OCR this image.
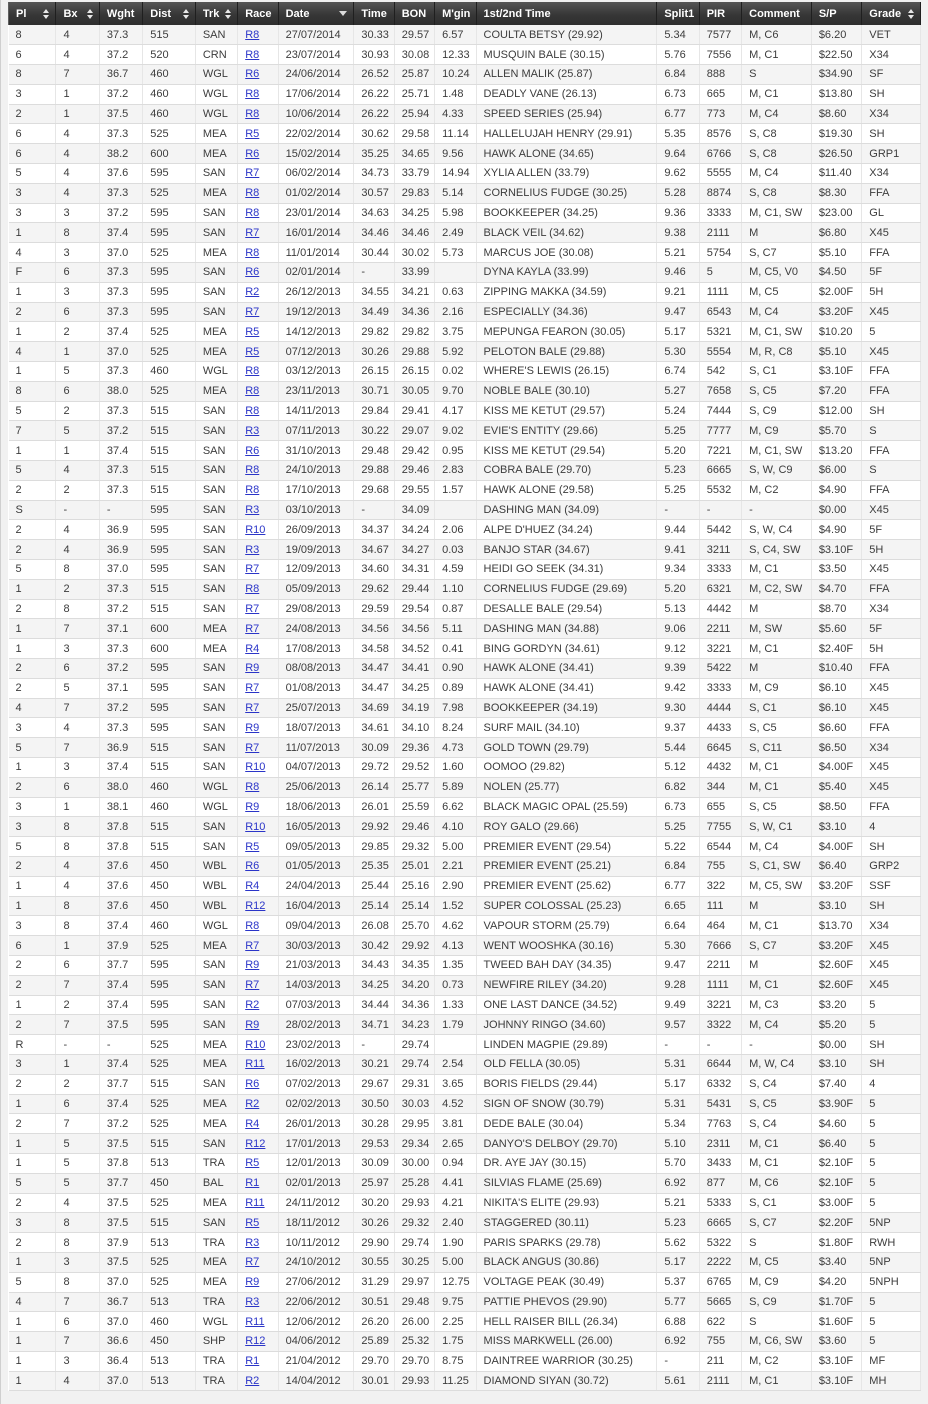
Pl	Bx	Wght	Dist	Trk	Race	Date	Time	BON	M'gin	1st/2nd Time	Split1	PIR	Comment	S/P	Grade

8	4	37.3	515	SAN	R8	27/07/2014	30.33	29.57	6.57	COULTA BETSY (29.92)	5.34	7577	M, C6	$6.20	VET
6	4	37.2	520	CRN	R8	23/07/2014	30.93	30.08	12.33	MUSQUIN BALE (30.15)	5.76	7556	M, C1	$22.50	X34
8	7	36.7	460	WGL	R6	24/06/2014	26.52	25.87	10.24	ALLEN MALIK (25.87)	6.84	888	S	$34.90	SF
3	1	37.2	460	WGL	R8	17/06/2014	26.22	25.71	1.48	DEADLY VANE (26.13)	6.73	665	M, C1	$13.80	SH
2	1	37.5	460	WGL	R8	10/06/2014	26.22	25.94	4.33	SPEED SERIES (25.94)	6.77	773	M, C4	$8.60	X34
6	4	37.3	525	MEA	R5	22/02/2014	30.62	29.58	11.14	HALLELUJAH HENRY (29.91)	5.35	8576	S, C8	$19.30	SH
6	4	38.2	600	MEA	R6	15/02/2014	35.25	34.65	9.56	HAWK ALONE (34.65)	9.64	6766	S, C8	$26.50	GRP1
5	4	37.6	595	SAN	R7	06/02/2014	34.73	33.79	14.94	XYLIA ALLEN (33.79)	9.62	5555	M, C4	$11.40	X34
3	4	37.3	525	MEA	R8	01/02/2014	30.57	29.83	5.14	CORNELIUS FUDGE (30.25)	5.28	8874	S, C8	$8.30	FFA
3	3	37.2	595	SAN	R8	23/01/2014	34.63	34.25	5.98	BOOKKEEPER (34.25)	9.36	3333	M, C1, SW	$23.00	GL
1	8	37.4	595	SAN	R7	16/01/2014	34.46	34.46	2.49	BLACK VEIL (34.62)	9.38	2111	M	$6.80	X45
4	3	37.0	525	MEA	R8	11/01/2014	30.44	30.02	5.73	MARCUS JOE (30.08)	5.21	5754	S, C7	$5.10	FFA
F	6	37.3	595	SAN	R6	02/01/2014	-	33.99		DYNA KAYLA (33.99)	9.46	5	M, C5, V0	$4.50	5F
1	3	37.3	595	SAN	R2	26/12/2013	34.55	34.21	0.63	ZIPPING MAKKA (34.59)	9.21	1111	M, C5	$2.00F	5H
2	6	37.3	595	SAN	R7	19/12/2013	34.49	34.36	2.16	ESPECIALLY (34.36)	9.47	6543	M, C4	$3.20F	X45
1	2	37.4	525	MEA	R5	14/12/2013	29.82	29.82	3.75	MEPUNGA FEARON (30.05)	5.17	5321	M, C1, SW	$10.20	5
4	1	37.0	525	MEA	R5	07/12/2013	30.26	29.88	5.92	PELOTON BALE (29.88)	5.30	5554	M, R, C8	$5.10	X45
1	5	37.3	460	WGL	R8	03/12/2013	26.15	26.15	0.02	WHERE'S LEWIS (26.15)	6.74	542	S, C1	$3.10F	FFA
8	6	38.0	525	MEA	R8	23/11/2013	30.71	30.05	9.70	NOBLE BALE (30.10)	5.27	7658	S, C5	$7.20	FFA
5	2	37.3	515	SAN	R8	14/11/2013	29.84	29.41	4.17	KISS ME KETUT (29.57)	5.24	7444	S, C9	$12.00	SH
7	5	37.2	515	SAN	R3	07/11/2013	30.22	29.07	9.02	EVIE'S ENTITY (29.66)	5.25	7777	M, C9	$5.70	S
1	1	37.4	515	SAN	R6	31/10/2013	29.48	29.42	0.95	KISS ME KETUT (29.54)	5.20	7221	M, C1, SW	$13.20	FFA
5	4	37.3	515	SAN	R8	24/10/2013	29.88	29.46	2.83	COBRA BALE (29.70)	5.23	6665	S, W, C9	$6.00	S
2	2	37.3	515	SAN	R8	17/10/2013	29.68	29.55	1.57	HAWK ALONE (29.58)	5.25	5532	M, C2	$4.90	FFA
S	-	-	595	SAN	R3	03/10/2013	-	34.09		DASHING MAN (34.09)	-	-	-	$0.00	X45
2	4	36.9	595	SAN	R10	26/09/2013	34.37	34.24	2.06	ALPE D'HUEZ (34.24)	9.44	5442	S, W, C4	$4.90	5F
2	4	36.9	595	SAN	R3	19/09/2013	34.67	34.27	0.03	BANJO STAR (34.67)	9.41	3211	S, C4, SW	$3.10F	5H
5	8	37.0	595	SAN	R7	12/09/2013	34.60	34.31	4.59	HEIDI GO SEEK (34.31)	9.34	3333	M, C1	$3.50	X45
1	2	37.3	515	SAN	R8	05/09/2013	29.62	29.44	1.10	CORNELIUS FUDGE (29.69)	5.20	6321	M, C2, SW	$4.70	FFA
2	8	37.2	515	SAN	R7	29/08/2013	29.59	29.54	0.87	DESALLE BALE (29.54)	5.13	4442	M	$8.70	X34
1	7	37.1	600	MEA	R7	24/08/2013	34.56	34.56	5.11	DASHING MAN (34.88)	9.06	2211	M, SW	$5.60	5F
1	3	37.3	600	MEA	R4	17/08/2013	34.58	34.52	0.41	BING GORDYN (34.61)	9.12	3221	M, C1	$2.40F	5H
2	6	37.2	595	SAN	R9	08/08/2013	34.47	34.41	0.90	HAWK ALONE (34.41)	9.39	5422	M	$10.40	FFA
2	5	37.1	595	SAN	R7	01/08/2013	34.47	34.25	0.89	HAWK ALONE (34.41)	9.42	3333	M, C9	$6.10	X45
4	7	37.2	595	SAN	R7	25/07/2013	34.69	34.19	7.98	BOOKKEEPER (34.19)	9.30	4444	S, C1	$6.10	X45
3	4	37.3	595	SAN	R9	18/07/2013	34.61	34.10	8.24	SURF MAIL (34.10)	9.37	4433	S, C5	$6.60	FFA
5	7	36.9	515	SAN	R7	11/07/2013	30.09	29.36	4.73	GOLD TOWN (29.79)	5.44	6645	S, C11	$6.50	X34
1	3	37.4	515	SAN	R10	04/07/2013	29.72	29.52	1.60	OOMOO (29.82)	5.12	4432	M, C1	$4.00F	X45
2	6	38.0	460	WGL	R8	25/06/2013	26.14	25.77	5.89	NOLEN (25.77)	6.82	344	M, C1	$5.40	X45
3	1	38.1	460	WGL	R9	18/06/2013	26.01	25.59	6.62	BLACK MAGIC OPAL (25.59)	6.73	655	S, C5	$8.50	FFA
3	8	37.8	515	SAN	R10	16/05/2013	29.92	29.46	4.10	ROY GALO (29.66)	5.25	7755	S, W, C1	$3.10	4
5	8	37.8	515	SAN	R5	09/05/2013	29.85	29.32	5.00	PREMIER EVENT (29.54)	5.22	6544	M, C4	$4.00F	SH
2	4	37.6	450	WBL	R6	01/05/2013	25.35	25.01	2.21	PREMIER EVENT (25.21)	6.84	755	S, C1, SW	$6.40	GRP2
1	4	37.6	450	WBL	R4	24/04/2013	25.44	25.16	2.90	PREMIER EVENT (25.62)	6.77	322	M, C5, SW	$3.20F	SSF
1	8	37.6	450	WBL	R12	16/04/2013	25.14	25.14	1.52	SUPER COLOSSAL (25.23)	6.65	111	M	$3.10	SH
3	8	37.4	460	WGL	R8	09/04/2013	26.08	25.70	4.62	VAPOUR STORM (25.79)	6.64	464	M, C1	$13.70	X34
6	1	37.9	525	MEA	R7	30/03/2013	30.42	29.92	4.13	WENT WOOSHKA (30.16)	5.30	7666	S, C7	$3.20F	X45
2	6	37.7	595	SAN	R9	21/03/2013	34.43	34.35	1.35	TWEED BAH DAY (34.35)	9.47	2211	M	$2.60F	X45
2	7	37.4	595	SAN	R7	14/03/2013	34.25	34.20	0.73	NEWFIRE RILEY (34.20)	9.28	1111	M, C1	$2.60F	X45
1	2	37.4	595	SAN	R2	07/03/2013	34.44	34.36	1.33	ONE LAST DANCE (34.52)	9.49	3221	M, C3	$3.20	5
2	7	37.5	595	SAN	R9	28/02/2013	34.71	34.23	1.79	JOHNNY RINGO (34.60)	9.57	3322	M, C4	$5.20	5
R	-	-	525	MEA	R10	23/02/2013	-	29.74		LINDEN MAGPIE (29.89)	-	-	-	$0.00	SH
3	1	37.4	525	MEA	R11	16/02/2013	30.21	29.74	2.54	OLD FELLA (30.05)	5.31	6644	M, W, C4	$3.10	SH
2	2	37.7	515	SAN	R6	07/02/2013	29.67	29.31	3.65	BORIS FIELDS (29.44)	5.17	6332	S, C4	$7.40	4
1	6	37.4	525	MEA	R2	02/02/2013	30.50	30.03	4.52	SIGN OF SNOW (30.79)	5.31	5431	S, C5	$3.90F	5
2	7	37.2	525	MEA	R4	26/01/2013	30.28	29.95	3.81	DEDE BALE (30.04)	5.34	7763	S, C4	$4.60	5
1	5	37.5	515	SAN	R12	17/01/2013	29.53	29.34	2.65	DANYO'S DELBOY (29.70)	5.10	2311	M, C1	$6.40	5
1	5	37.8	513	TRA	R5	12/01/2013	30.09	30.00	0.94	DR. AYE JAY (30.15)	5.70	3433	M, C1	$2.10F	5
5	5	37.7	450	BAL	R1	02/01/2013	25.97	25.28	4.41	SILVIAS FLAME (25.69)	6.92	877	M, C6	$2.10F	5
2	4	37.5	525	MEA	R11	24/11/2012	30.20	29.93	4.21	NIKITA'S ELITE (29.93)	5.21	5333	S, C1	$3.00F	5
3	8	37.5	515	SAN	R5	18/11/2012	30.26	29.32	2.40	STAGGERED (30.11)	5.23	6665	S, C7	$2.20F	5NP
2	8	37.9	513	TRA	R3	10/11/2012	29.90	29.74	1.90	PARIS SPARKS (29.78)	5.62	5322	S	$1.80F	RWH
1	3	37.5	525	MEA	R7	24/10/2012	30.55	30.25	5.00	BLACK ANGUS (30.86)	5.17	2222	M, C5	$3.40	5NP
5	8	37.0	525	MEA	R9	27/06/2012	31.29	29.97	12.75	VOLTAGE PEAK (30.49)	5.37	6765	M, C9	$4.20	5NPH
4	7	36.7	513	TRA	R3	22/06/2012	30.51	29.48	9.75	PATTIE PHEVOS (29.90)	5.77	5665	S, C9	$1.70F	5
1	6	37.0	460	WGL	R11	12/06/2012	26.20	26.00	2.25	HELL RAISER BILL (26.34)	6.88	622	S	$1.60F	5
1	7	36.6	450	SHP	R12	04/06/2012	25.89	25.32	1.75	MISS MARKWELL (26.00)	6.92	755	M, C6, SW	$3.60	5
1	3	36.4	513	TRA	R1	21/04/2012	29.70	29.70	8.75	DAINTREE WARRIOR (30.25)	-	211	M, C2	$3.10F	MF
1	4	37.0	513	TRA	R2	14/04/2012	30.01	29.93	11.25	DIAMOND SIYAN (30.72)	5.61	2111	M, C1	$3.10F	MH
